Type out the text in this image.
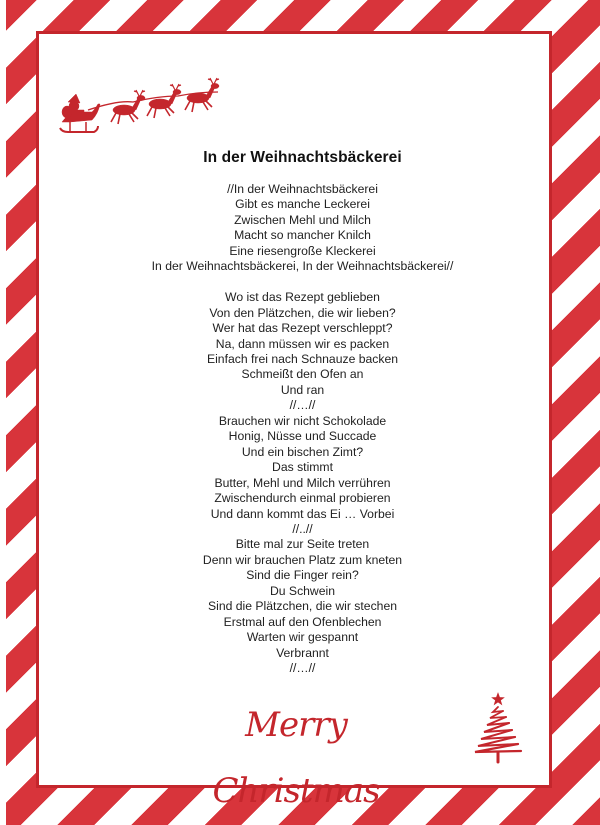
In der Weihnachtsbäckerei
//In der Weihnachtsbäckerei
Gibt es manche Leckerei
Zwischen Mehl und Milch
Macht so mancher Knilch
Eine riesengroße Kleckerei
In der Weihnachtsbäckerei, In der Weihnachtsbäckerei//
Wo ist das Rezept geblieben
Von den Plätzchen, die wir lieben?
Wer hat das Rezept verschleppt?
Na, dann müssen wir es packen
Einfach frei nach Schnauze backen
Schmeißt den Ofen an
Und ran
//…//
Brauchen wir nicht Schokolade
Honig, Nüsse und Succade
Und ein bischen Zimt?
Das stimmt
Butter, Mehl und Milch verrühren
Zwischendurch einmal probieren
Und dann kommt das Ei … Vorbei
//..//
Bitte mal zur Seite treten
Denn wir brauchen Platz zum kneten
Sind die Finger rein?
Du Schwein
Sind die Plätzchen, die wir stechen
Erstmal auf den Ofenblechen
Warten wir gespannt
Verbrannt
//…//
Merry Christmas
